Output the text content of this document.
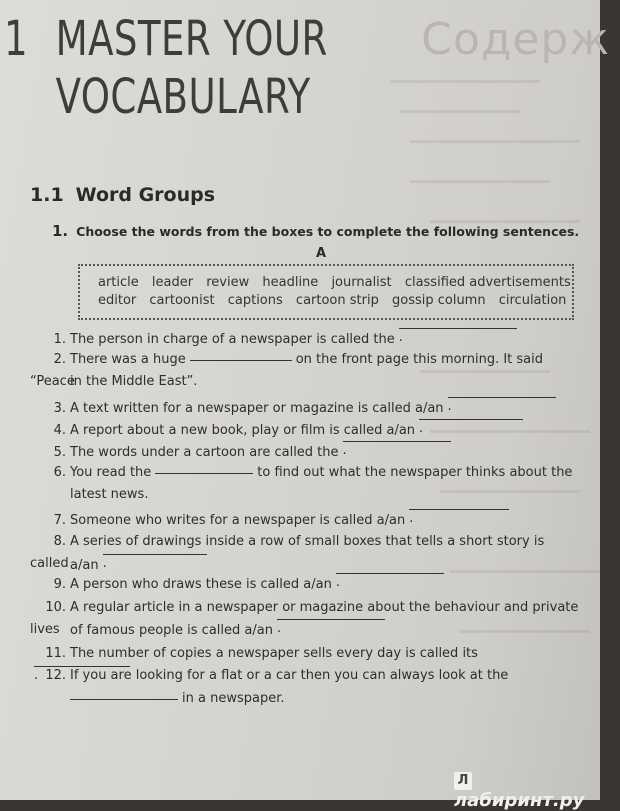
Содерж
1 MASTER YOUR
VOCABULARY
1.1 Word Groups
1. Choose the words from the boxes to complete the following sentences.
A
article leader review headline journalist classified advertisements
editor cartoonist captions cartoon strip gossip column circulation
1. The person in charge of a newspaper is called the.
2. There was a huge	on the front page this morning. It said “Peace
in the Middle East”.
3. A text written for a newspaper or magazine is called a/an.
4. A report about a new book, play or film is called a/an.
5. The words under a cartoon are called the.
6. You read the	to find out what the newspaper thinks about the
latest news.
7. Someone who writes for a newspaper is called a/an.
8. A series of drawings inside a row of small boxes that tells a short story is called a/an.
9. A person who draws these is called a/an.
10. A regular article in a newspaper or magazine about the behaviour and private lives of famous people is called a/an.
11. The number of copies a newspaper sells every day is called its.
12. If you are looking for a flat or a car then you can always look at the
in a newspaper.
Ллабиринт.ру
